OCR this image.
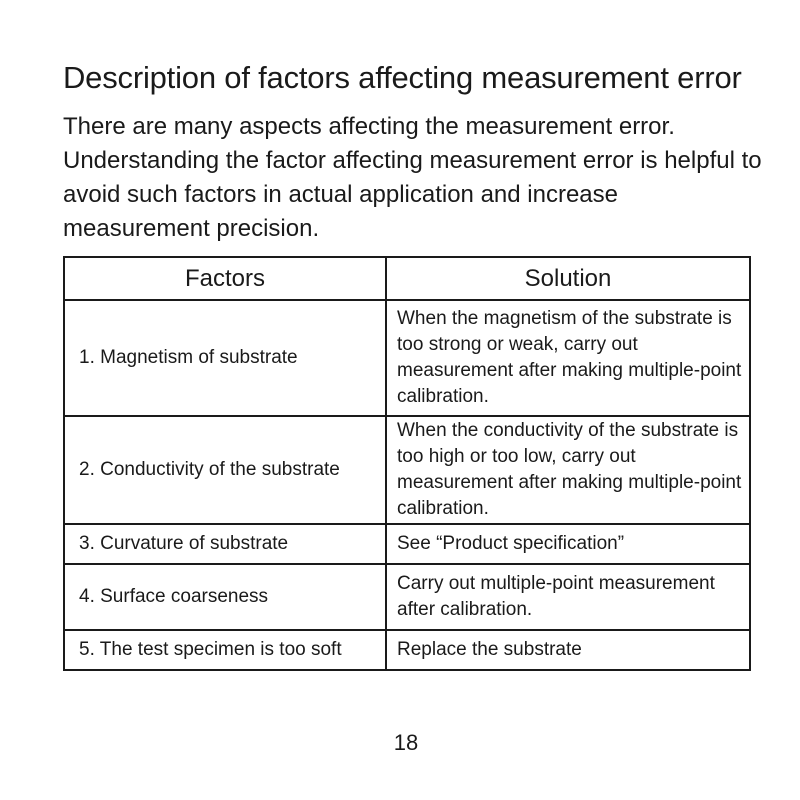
Description of factors affecting measurement error

There are many aspects affecting the measurement error. Understanding the factor affecting measurement error is helpful to avoid such factors in actual application and increase measurement precision.

Factors	Solution
1. Magnetism of substrate	When the magnetism of the substrate is too strong or weak, carry out measurement after making multiple-point calibration.
2. Conductivity of the substrate	When the conductivity of the substrate is too high or too low, carry out measurement after making multiple-point calibration.
3. Curvature of substrate	See “Product specification”
4. Surface coarseness	Carry out multiple-point measurement after calibration.
5. The test specimen is too soft	Replace the substrate
18
